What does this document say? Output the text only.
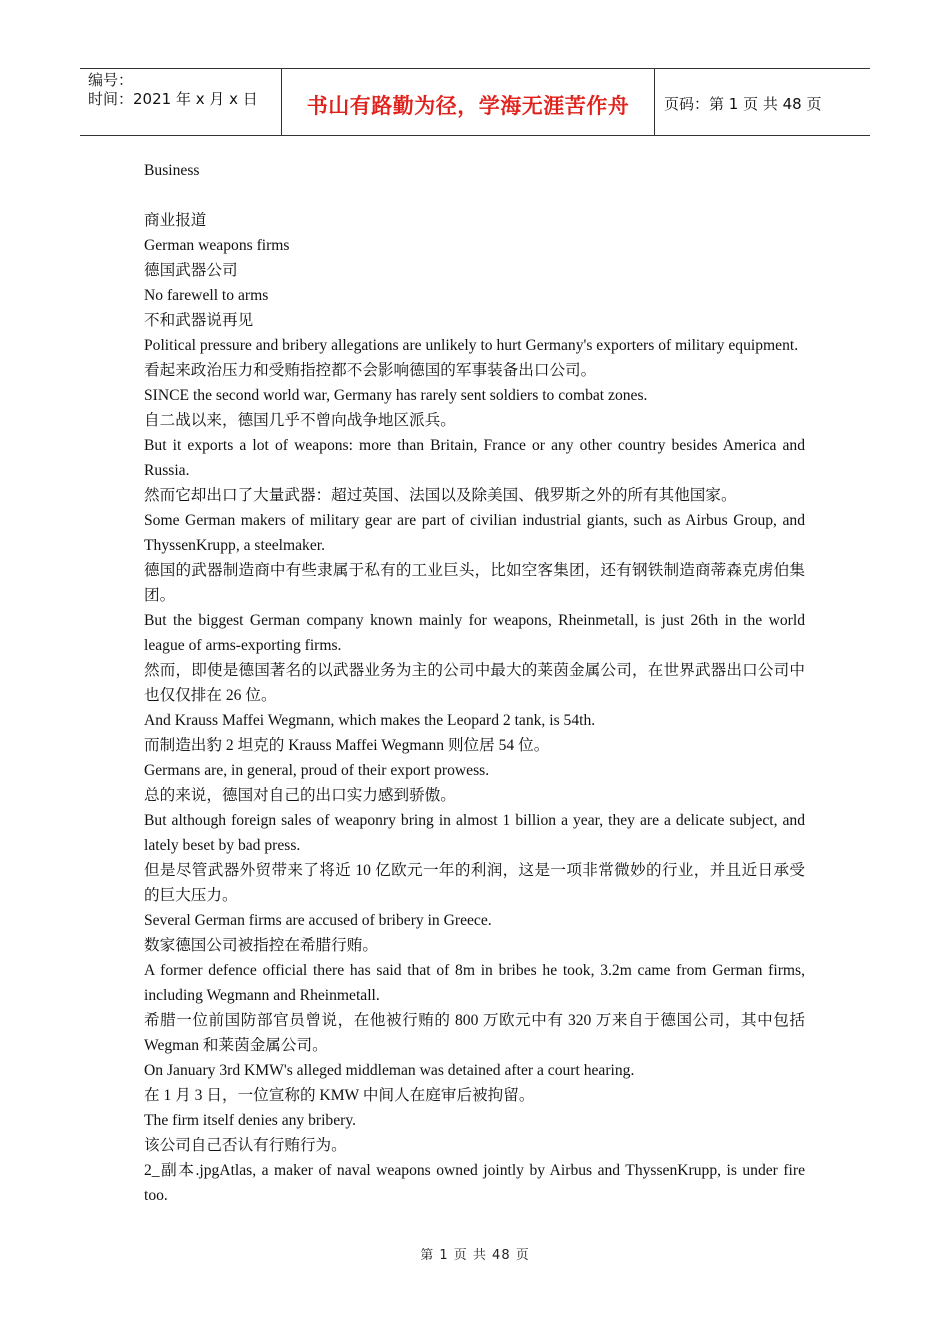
编号：
时间：2021 年 x 月 x 日	书山有路勤为径，学海无涯苦作舟 页码：第 1 页 共 48 页

Business

商业报道

German weapons firms

德国武器公司

No farewell to arms

不和武器说再见

Political pressure and bribery allegations are unlikely to hurt Germany's exporters of military equipment.

看起来政治压力和受贿指控都不会影响德国的军事装备出口公司。

SINCE the second world war, Germany has rarely sent soldiers to combat zones.

自二战以来，德国几乎不曾向战争地区派兵。

But it exports a lot of weapons: more than Britain, France or any other country besides America and Russia.

然而它却出口了大量武器：超过英国、法国以及除美国、俄罗斯之外的所有其他国家。

Some German makers of military gear are part of civilian industrial giants, such as Airbus Group, and ThyssenKrupp, a steelmaker.

德国的武器制造商中有些隶属于私有的工业巨头，比如空客集团，还有钢铁制造商蒂森克虏伯集团。

But the biggest German company known mainly for weapons, Rheinmetall, is just 26th in the world league of arms-exporting firms.

然而，即使是德国著名的以武器业务为主的公司中最大的莱茵金属公司，在世界武器出口公司中也仅仅排在 26 位。

And Krauss Maffei Wegmann, which makes the Leopard 2 tank, is 54th.

而制造出豹 2 坦克的 Krauss Maffei Wegmann 则位居 54 位。

Germans are, in general, proud of their export prowess.

总的来说，德国对自己的出口实力感到骄傲。

But although foreign sales of weaponry bring in almost 1 billion a year, they are a delicate subject, and lately beset by bad press.

但是尽管武器外贸带来了将近 10 亿欧元一年的利润，这是一项非常微妙的行业，并且近日承受的巨大压力。

Several German firms are accused of bribery in Greece.

数家德国公司被指控在希腊行贿。

A former defence official there has said that of 8m in bribes he took, 3.2m came from German firms, including Wegmann and Rheinmetall.

希腊一位前国防部官员曾说，在他被行贿的 800 万欧元中有 320 万来自于德国公司，其中包括 Wegman 和莱茵金属公司。

On January 3rd KMW's alleged middleman was detained after a court hearing.

在 1 月 3 日，一位宣称的 KMW 中间人在庭审后被拘留。

The firm itself denies any bribery.

该公司自己否认有行贿行为。

2_副本.jpgAtlas, a maker of naval weapons owned jointly by Airbus and ThyssenKrupp, is under fire too.

第 1 页 共 48 页
